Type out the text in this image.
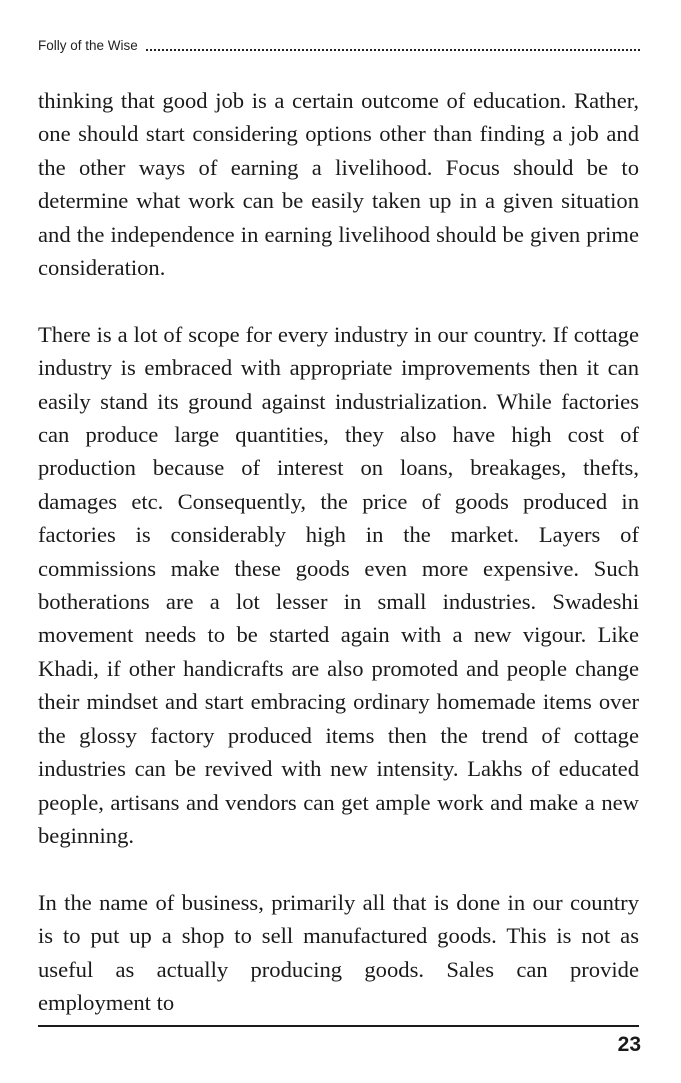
Folly of the Wise

thinking that good job is a certain outcome of education. Rather, one should start considering options other than finding a job and the other ways of earning a livelihood. Focus should be to determine what work can be easily taken up in a given situation and the independence in earning livelihood should be given prime consideration.

There is a lot of scope for every industry in our country. If cottage industry is embraced with appropriate improvements then it can easily stand its ground against industrialization. While factories can produce large quantities, they also have high cost of production because of interest on loans, breakages, thefts, damages etc. Consequently, the price of goods produced in factories is considerably high in the market. Layers of commissions make these goods even more expensive. Such botherations are a lot lesser in small industries. Swadeshi movement needs to be started again with a new vigour. Like Khadi, if other handicrafts are also promoted and people change their mindset and start embracing ordinary homemade items over the glossy factory produced items then the trend of cottage industries can be revived with new intensity. Lakhs of educated people, artisans and vendors can get ample work and make a new beginning.

In the name of business, primarily all that is done in our country is to put up a shop to sell manufactured goods. This is not as useful as actually producing goods. Sales can provide employment to

23
